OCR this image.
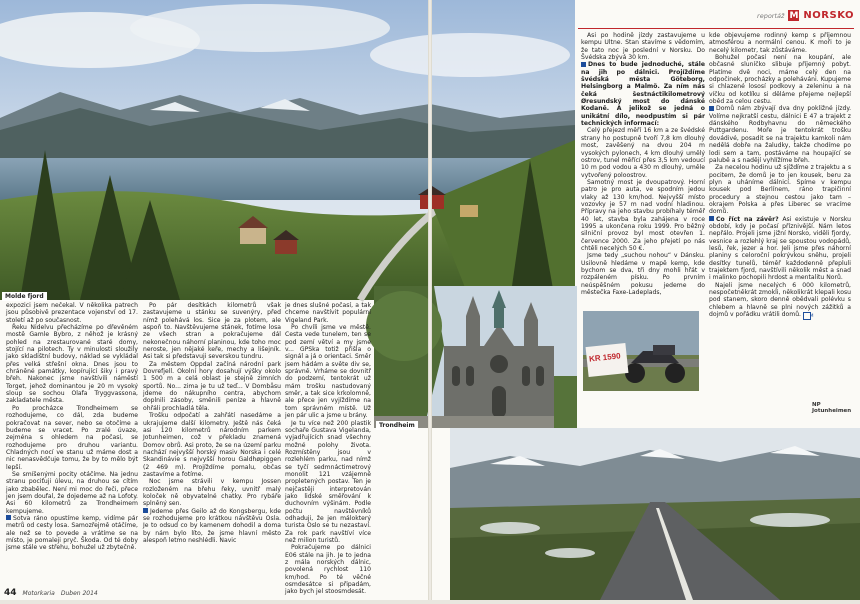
Molde fjord
Trondheim
KR 1590
reportáž M NORSKO

expozici jsem nečekal. V několika patrech jsou působivě prezentace vojenství od 17. století až po současnost.

Řeku Nidelvu přecházíme po dřevěném mostě Gamle Bybro, z něhož je krásný pohled na zrestaurované staré domy, stojící na pilotech. Ty v minulosti sloužily jako skladištní budovy, náklad se vykládal přes velká střešní okna. Dnes jsou to chráněné památky, kopírující šiky i pravý břeh. Nakonec jsme navštívili náměstí Torget, jehož dominantou je 20 m vysoký sloup se sochou Olafa Tryggvassona, zakladatele města.

Po procházce Trondheimem se rozhodujeme, co dál, zda budeme pokračovat na sever, nebo se otočíme a budeme se vracet. Po zralé úvaze, zejména s ohledem na počasí, se rozhodujeme pro druhou variantu. Chladných nocí ve stanu už máme dost a nic nenasvědčuje tomu, že by to mělo být lepší.

Se smíšenými pocity otáčíme. Na jednu stranu pociťuji úlevu, na druhou se cítím jako zbabělec. Není mi moc do řeči, přece jen jsem doufal, že dojedeme až na Lofoty. Asi 60 kilometrů za Trondheimem kempujeme.

Sotva ráno opustíme kemp, vidíme pár metrů od cesty losa. Samozřejmě otáčíme, ale než se to povede a vrátíme se na místo, je pomaleji pryč. Škoda. Od té doby jsme stále ve střehu, bohužel už zbytečně.

Po pár desítkách kilometrů však zastavujeme u stánku se suvenýry, před nímž polehává los. Sice je za plotem, ale aspoň to. Navštěvujeme stánek, fotíme losa ze všech stran a pokračujeme dál nekonečnou náhorní planinou, kde toho moc neroste, jen nějaké keře, mechy a lišejník. Asi tak si představuji severskou tundru.

Za městem Oppdal začíná národní park Dovrefjell. Okolní hory dosahují výšky okolo 1 500 m a celá oblast je stejně zimních sportů. No... zima je tu už teď... V Dombåsu jdeme do nákupního centra, abychom doplnili zásoby, směnili peníze a hlavně ohřáli prochladlá těla.

Trošku odpočatí a zahřátí nasedáme a ukrajujeme další kilometry. Ještě nás čeká asi 120 kilometrů národním parkem Jotunheimen, což v překladu znamená Domov obrů. Asi proto, že se na území parku nachází nejvyšší horský masiv Norska i celé Skandinávie s nejvyšší horou Galdhøpiggen (2 469 m). Projíždíme pomalu, občas zastavíme a fotíme.

Noc jsme strávili v kempu Jossen rozloženém na břehu řeky, uvnitř malý koloček ně obyvatelné chatky. Pro rybáře splněný sen.

Jedeme přes Geilo až do Kongsbergu, kde se rozhodujeme pro krátkou návštěvu Osla. Je to odsud co by kamenem dohodil a doma by nám bylo líto, že jsme hlavní město alespoň letmo neshlédli. Navic

je dnes slušné počasí, a tak chceme navštívit populární Vigeland Park.

Po chvíli jsme ve městě. Cesta vede tunelem, ten se pod zemí větví a my jsme v... GPSka totiž přišla o signál a já o orientaci. Směr jsem hádám a světe div se, správně. Vrháme se dovnitř do podzemí, tentokrát už mám trošku nastudovaný směr, a tak sice krkolomně, ale přece jen vyjíždíme na tom správném místě. Už jen pár ulic a jsme u brány.

Je tu více než 200 plastik sochaře Gustava Vigelanda, vyjadřujících snad všechny možné polohy života. Rozmístěny jsou v rozlehlém parku, nad nímž se tyčí sedmnáctimetrový monolit 121 vzájemně propletených postav. Ten je nejčastěji interpretován jako lidské směřování k duchovním výšinám. Podle počtu navštěvníků odhaduji, že jen málokterý turista Oslo se tu nezastaví. Za rok park navštíví více než milion turistů.

Pokračujeme po dálnici E06 stále na jih. Je to jedna z mála norských dálnic, povolená rychlost 110 km/hod. Po té věčné osmdesátce si připadám, jako bych jel stoosmdesát.

Asi po hodině jízdy zastavujeme u kempu Ultne. Stan stavíme s vědomím, že tato noc je poslední v Norsku. Do Švédska zbývá 30 km.

Dnes to bude jednoduché, stále na jih po dálnici. Projíždíme švédská města Göteborg, Helsingborg a Malmö. Za ním nás čeká šestnáctikilometrový Øresundský most do dánské Kodaně. A jelikož se jedná o unikátní dílo, neodpustím si pár technických informací:

Celý přejezd měří 16 km a ze švédské strany ho postupně tvoří 7,8 km dlouhý most, zavěšený na dvou 204 m vysokých pylonech, 4 km dlouhý umělý ostrov, tunel měřící přes 3,5 km vedoucí 10 m pod vodou a 430 m dlouhý, uměle vytvořený poloostrov.

Samotný most je dvoupatrový. Horní patro je pro auta, ve spodním jedou vlaky až 130 km/hod. Nejvyšší místo vozovky je 57 m nad vodní hladinou. Přípravy na jeho stavbu probíhaly téměř 40 let, stavba byla zahájena v roce 1995 a ukončena roku 1999. Pro běžný silniční provoz byl most otevřen 1. července 2000. Za jeho přejetí po nás chtěli necelých 50 €.

Jsme tedy „suchou nohou“ v Dánsku. Usilovně hledáme v mapě kemp, kde bychom se dva, tři dny mohli hřát v rozpáleném písku. Po prvním neúspěšném pokusu jedeme do městečka Faxe-Ladeplads,

kde objevujeme rodinný kemp s příjemnou atmosférou a normální cenou. K moři to je necelý kilometr, tak zůstáváme.

Bohužel počasí není na koupání, ale občasné sluníčko slibuje příjemný pobyt. Platíme dvě noci, máme celý den na odpočinek, procházky a poleháváni. Kupujeme si chlazené lososí podkovy a zeleninu a na víčku od kotlíku si děláme přejeme nejlepší oběd za celou cestu.

Domů nám zbývají dva dny pokližné jízdy. Volíme nejkratší cestu, dálnici E 47 a trajekt z dánského Rodbyhavnu do německého Puttgardenu. Moře je tentokrát trošku dovádivé, posadit se na trajektu kamkoli nám nedělá dobře na žaludky, takže chodíme po lodi sem a tam, postáváme na houpající se palubě a s nadějí vyhlížíme břeh.

Za necelou hodinu už sjíždíme z trajektu a s pocitem, že domů je to jen kousek, beru za plyn a uháníme dálnicí. Spíme v kempu kousek pod Berlínem, ráno trapičinní procedury a stejnou cestou jako tam – okrajem Polska a přes Liberec se vracíme domů.

Co říct na závěr? Asi existuje v Norsku období, kdy je počasí příznivější. Nám letos nepřálo. Projeli jsme jižní Norsko, viděli fjordy, vesnice a rozlehlý kraj se spoustou vodopádů, lesů, řek, jezer a hor. Jeli jsme přes náhorní planiny s celoroční pokrývkou sněhu, projeli desítky tunelů, téměř každodenně přepluli trajektem fjord, navštívili několik měst a snad i malinko pochopili hrdost a mentalitu Norů.

Najeli jsme necelých 6 000 kilometrů, nespočetněkrát zmokli, několikrát klepali kosu pod stanem, skoro denně obědvali polévku s chlebem a hlavně se plni nových zážitků a dojmů v pořádku vrátili domů. M

NP Jotunheimen
44 Motorkaria Duben 2014
